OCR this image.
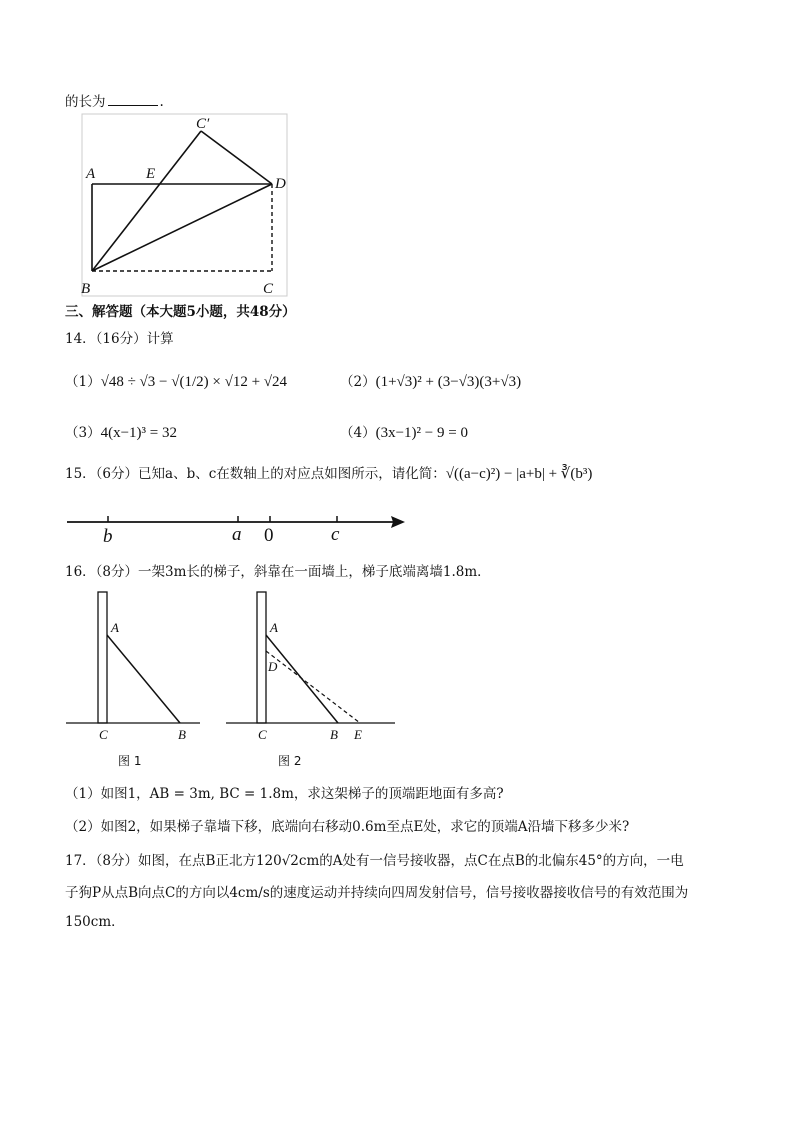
的长为	.
A	E
D
C′
B	C
三、解答题（本大题5小题，共48分）
14．（16分）计算
（1）√48 ÷ √3 − √(1/2) × √12 + √24	（2）(1+√3)² + (3−√3)(3+√3)
（3）4(x−1)³ = 32	（4）(3x−1)² − 9 = 0
15．（6分）已知a、b、c在数轴上的对应点如图所示，请化简：√((a−c)²) − |a+b| + ∛(b³)
b	a 0	c
16．（8分）一架3m长的梯子，斜靠在一面墙上，梯子底端离墙1.8m．
A
C	B
图 1
A
D
C	B E
图 2
（1）如图1，AB = 3m, BC = 1.8m，求这架梯子的顶端距地面有多高?
（2）如图2，如果梯子靠墙下移，底端向右移动0.6m至点E处，求它的顶端A沿墙下移多少米?
17．（8分）如图，在点B正北方120√2cm的A处有一信号接收器，点C在点B的北偏东45°的方向，一电
子狗P从点B向点C的方向以4cm/s的速度运动并持续向四周发射信号，信号接收器接收信号的有效范围为
150cm．
